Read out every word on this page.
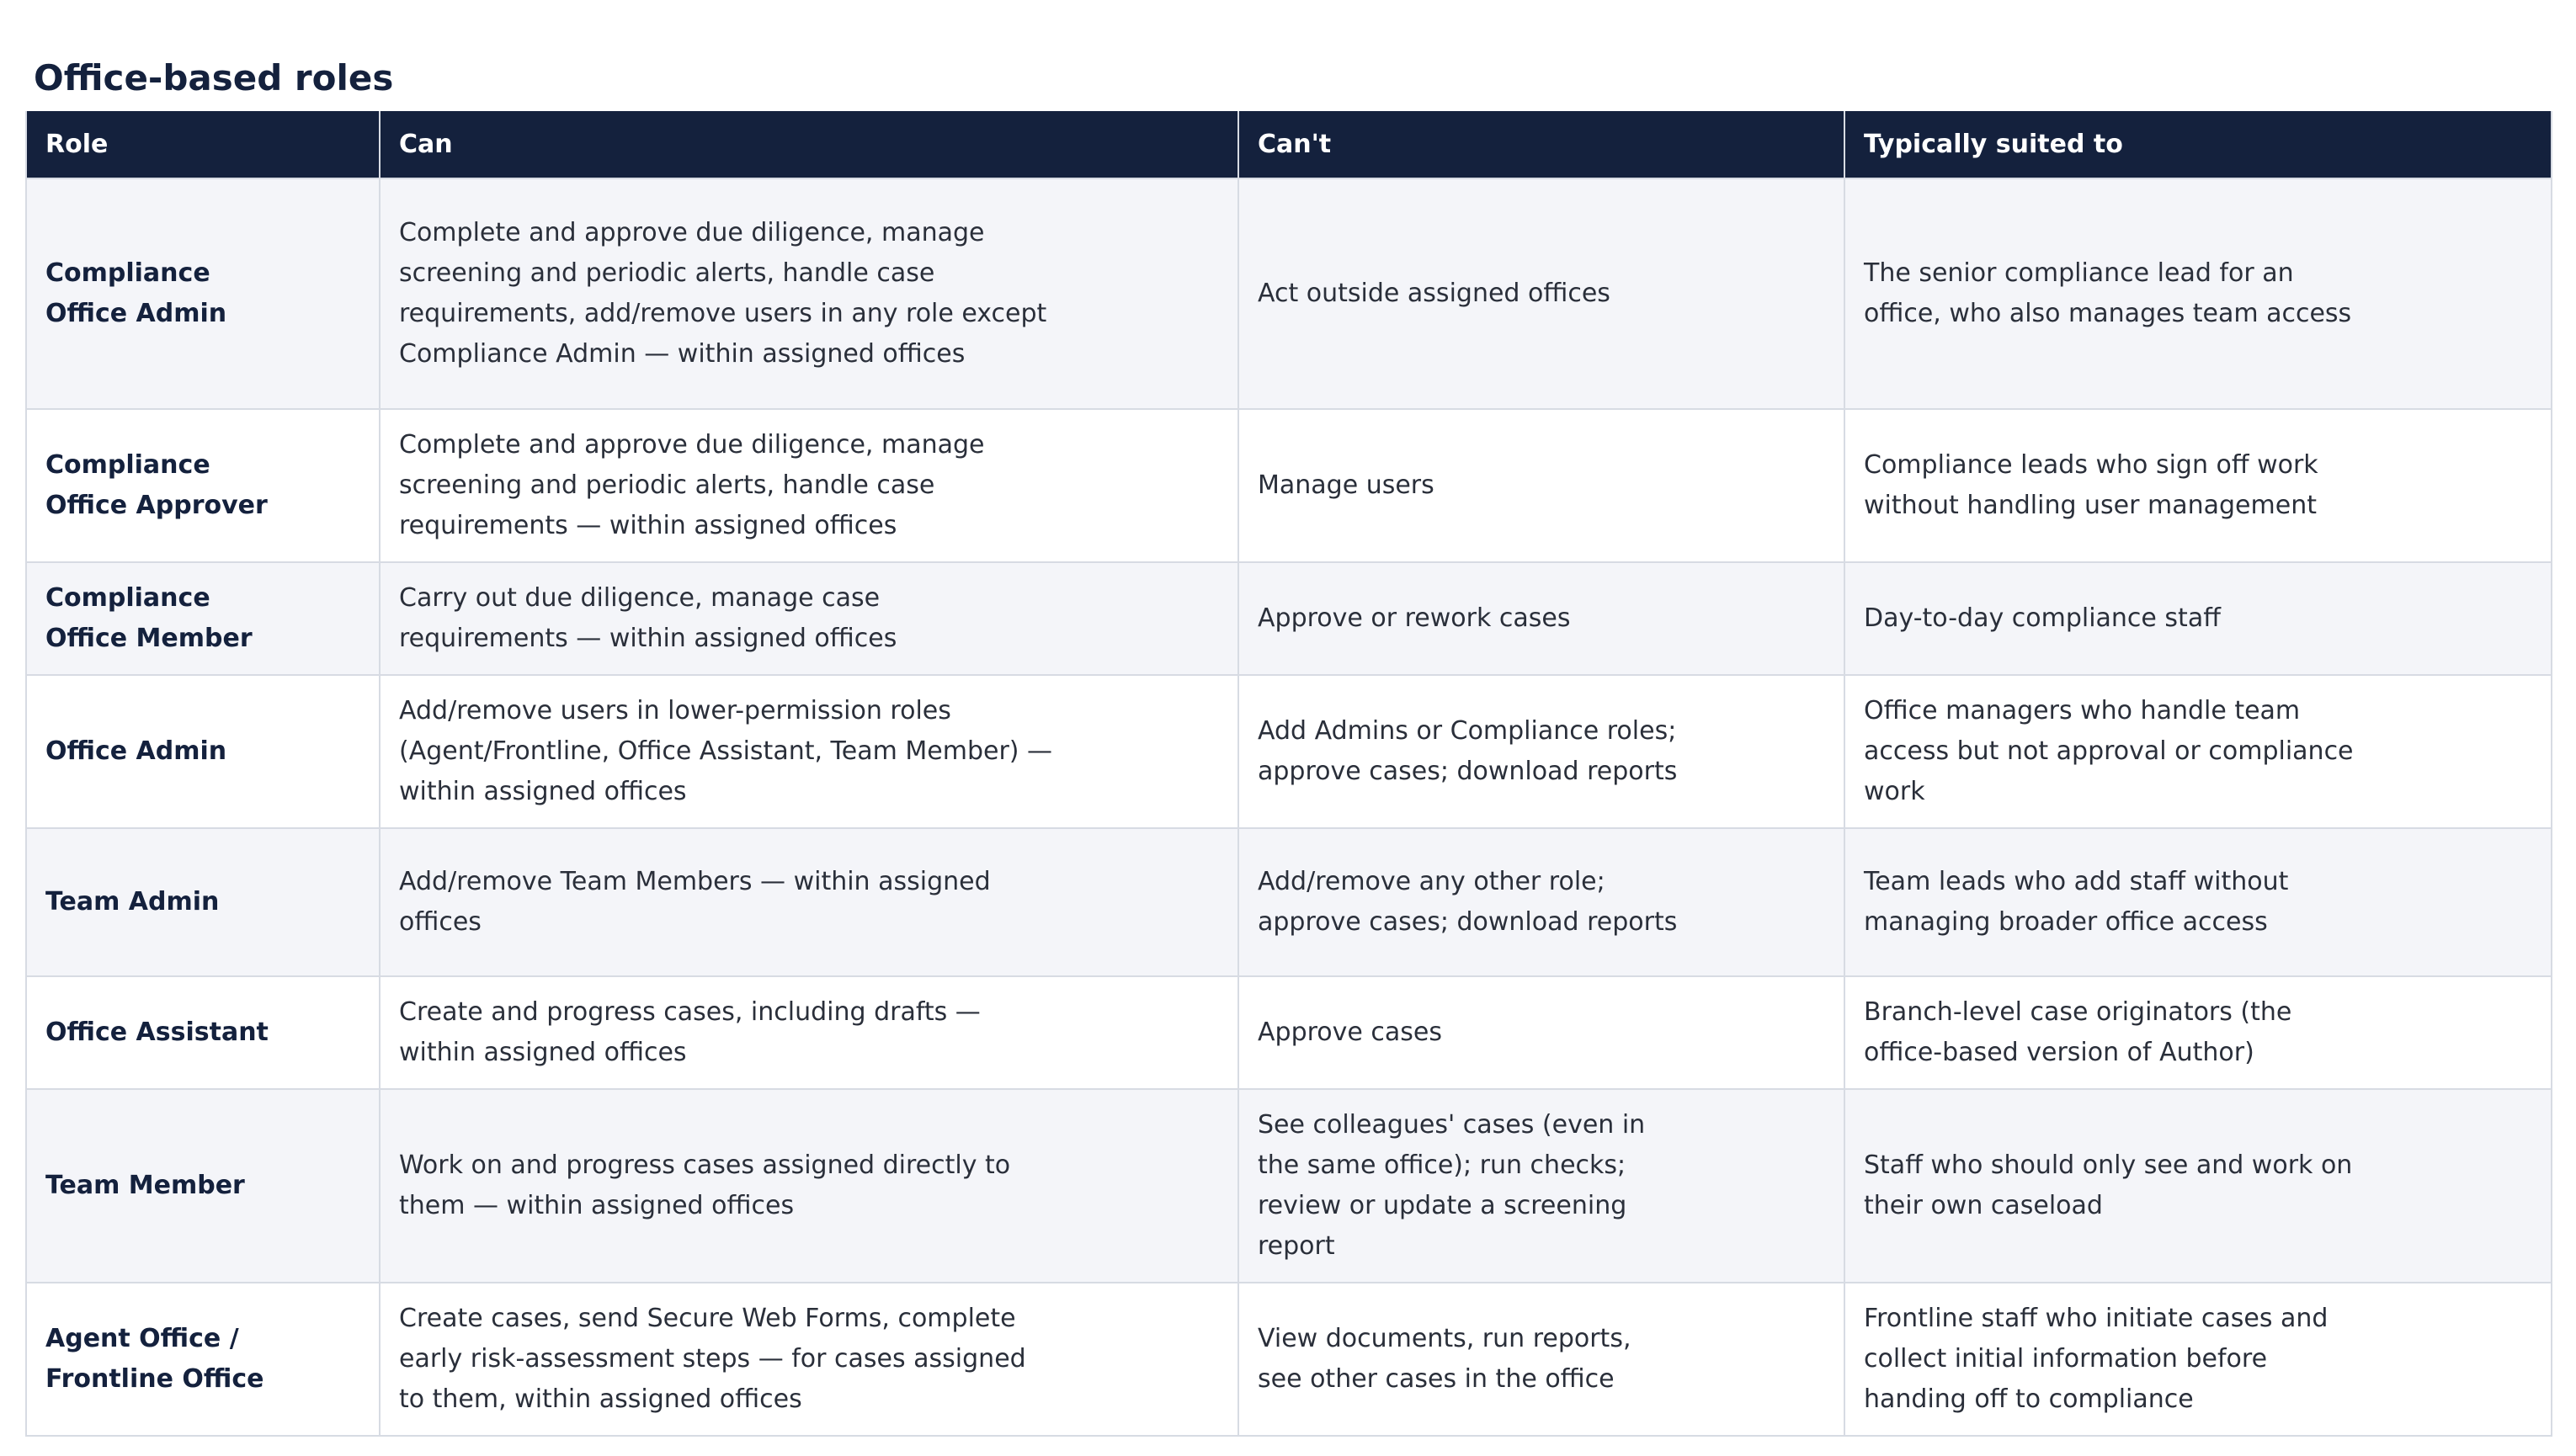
Office-based roles
Role	Can	Can't	Typically suited to

Compliance Office Admin	Complete and approve due diligence, manage screening and periodic alerts, handle case requirements, add/remove users in any role except Compliance Admin — within assigned offices	Act outside assigned offices	The senior compliance lead for an office, who also manages team access

Compliance Office Approver	Complete and approve due diligence, manage screening and periodic alerts, handle case requirements — within assigned offices	Manage users	Compliance leads who sign off work without handling user management

Compliance Office Member	Carry out due diligence, manage case requirements — within assigned offices	Approve or rework cases	Day-to-day compliance staff

Office Admin	Add/remove users in lower-permission roles (Agent/Frontline, Office Assistant, Team Member) — within assigned offices	Add Admins or Compliance roles; approve cases; download reports	Office managers who handle team access but not approval or compliance work

Team Admin	Add/remove Team Members — within assigned offices	Add/remove any other role; approve cases; download reports	Team leads who add staff without managing broader office access

Office Assistant	Create and progress cases, including drafts — within assigned offices	Approve cases	Branch-level case originators (the office-based version of Author)

Team Member	Work on and progress cases assigned directly to them — within assigned offices	See colleagues' cases (even in the same office); run checks; review or update a screening report	Staff who should only see and work on their own caseload

Agent Office / Frontline Office	Create cases, send Secure Web Forms, complete early risk-assessment steps — for cases assigned to them, within assigned offices	View documents, run reports, see other cases in the office	Frontline staff who initiate cases and collect initial information before handing off to compliance
